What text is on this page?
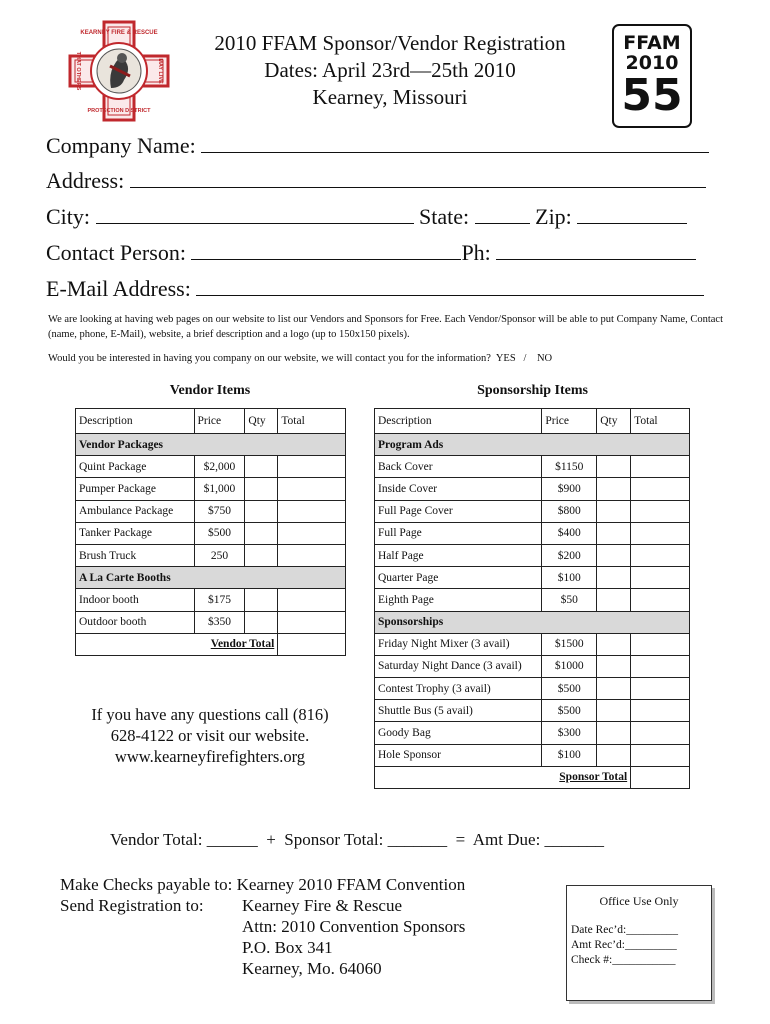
KEARNEY FIRE & RESCUE
PROTECTION DISTRICT
THAT OTHERS	MAY LIVE
2010 FFAM Sponsor/Vendor Registration
Dates: April 23rd—25th 2010
Kearney, Missouri
FFAM
2010
55
Company Name:
Address:
City:	State:	Zip:
Contact Person:	Ph:
E-Mail Address:
We are looking at having web pages on our website to list our Vendors and Sponsors for Free. Each Vendor/Sponsor will be able to put Company Name, Contact (name, phone, E-Mail), website, a brief description and a logo (up to 150x150 pixels).
Would you be interested in having you company on our website, we will contact you for the information?  YES   /    NO
Vendor Items	Sponsorship Items
Description	Price	Qty	Total
Vendor Packages			
Quint Package	$2,000		
Pumper Package	$1,000		
Ambulance Package	$750		
Tanker Package	$500		
Brush Truck	250		
A La Carte Booths			
Indoor booth	$175		
Outdoor booth	$350		
Vendor Total			
Description	Price	Qty	Total
Program Ads			
Back Cover	$1150		
Inside Cover	$900		
Full Page Cover	$800		
Full Page	$400		
Half Page	$200		
Quarter Page	$100		
Eighth Page	$50		
Sponsorships			
Friday Night Mixer (3 avail)	$1500		
Saturday Night Dance (3 avail)	$1000		
Contest Trophy (3 avail)	$500		
Shuttle Bus (5 avail)	$500		
Goody Bag	$300		
Hole Sponsor	$100		
Sponsor Total			
If you have any questions call (816)
628-4122 or visit our website.
www.kearneyfirefighters.org
Vendor Total: ______  +  Sponsor Total: _______  =  Amt Due: _______
Make Checks payable to: Kearney 2010 FFAM Convention
Send Registration to:	Kearney Fire & Rescue
Attn: 2010 Convention Sponsors
P.O. Box 341
Kearney, Mo. 64060
Office Use Only
Date Rec’d:_________
Amt Rec’d:_________
Check #:___________
